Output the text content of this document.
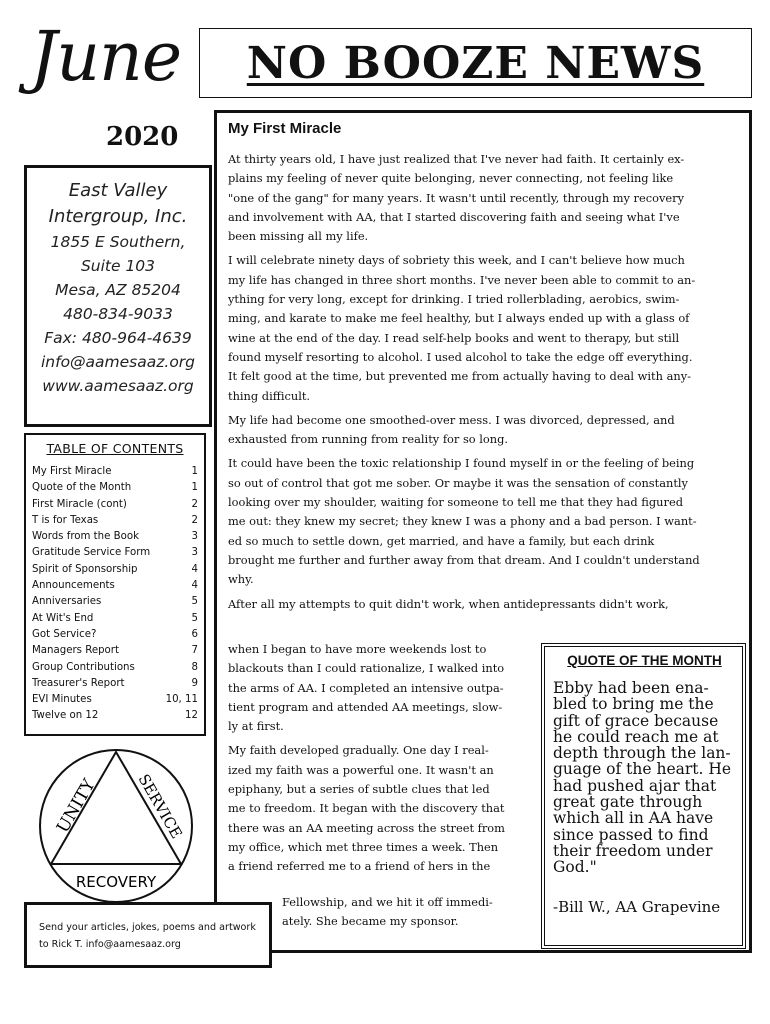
June
2020
NO BOOZE NEWS
East Valley
Intergroup, Inc.
1855 E Southern,
Suite 103
Mesa, AZ 85204
480-834-9033
Fax: 480-964-4639
info@aamesaaz.org
www.aamesaaz.org
TABLE OF CONTENTS
My First Miracle	1
Quote of the Month	1
First Miracle (cont)	2
T is for Texas	2
Words from the Book	3
Gratitude Service Form	3
Spirit of Sponsorship	4
Announcements	4
Anniversaries	5
At Wit's End	5
Got Service?	6
Managers Report	7
Group Contributions	8
Treasurer's Report	9
EVI Minutes	10, 11
Twelve on 12	12
UNITY SERVICE
RECOVERY
My First Miracle

At thirty years old, I have just realized that I've never had faith. It certainly ex-
plains my feeling of never quite belonging, never connecting, not feeling like
"one of the gang" for many years. It wasn't until recently, through my recovery
and involvement with AA, that I started discovering faith and seeing what I've
been missing all my life.

I will celebrate ninety days of sobriety this week, and I can't believe how much
my life has changed in three short months. I've never been able to commit to an-
ything for very long, except for drinking. I tried rollerblading, aerobics, swim-
ming, and karate to make me feel healthy, but I always ended up with a glass of
wine at the end of the day. I read self-help books and went to therapy, but still
found myself resorting to alcohol. I used alcohol to take the edge off everything.
It felt good at the time, but prevented me from actually having to deal with any-
thing difficult.

My life had become one smoothed-over mess. I was divorced, depressed, and
exhausted from running from reality for so long.

It could have been the toxic relationship I found myself in or the feeling of being
so out of control that got me sober. Or maybe it was the sensation of constantly
looking over my shoulder, waiting for someone to tell me that they had figured
me out: they knew my secret; they knew I was a phony and a bad person. I want-
ed so much to settle down, get married, and have a family, but each drink
brought me further and further away from that dream. And I couldn't understand
why.

After all my attempts to quit didn't work, when antidepressants didn't work,

when I began to have more weekends lost to
blackouts than I could rationalize, I walked into
the arms of AA. I completed an intensive outpa-
tient program and attended AA meetings, slow-
ly at first.

My faith developed gradually. One day I real-
ized my faith was a powerful one. It wasn't an
epiphany, but a series of subtle clues that led
me to freedom. It began with the discovery that
there was an AA meeting across the street from
my office, which met three times a week. Then
a friend referred me to a friend of hers in the

Fellowship, and we hit it off immedi-
ately. She became my sponsor.
Send your articles, jokes, poems and artwork
to Rick T. info@aamesaaz.org
QUOTE OF THE MONTH
Ebby had been ena-
bled to bring me the
gift of grace because
he could reach me at
depth through the lan-
guage of the heart. He
had pushed ajar that
great gate through
which all in AA have
since passed to find
their freedom under
God."
-Bill W., AA Grapevine
